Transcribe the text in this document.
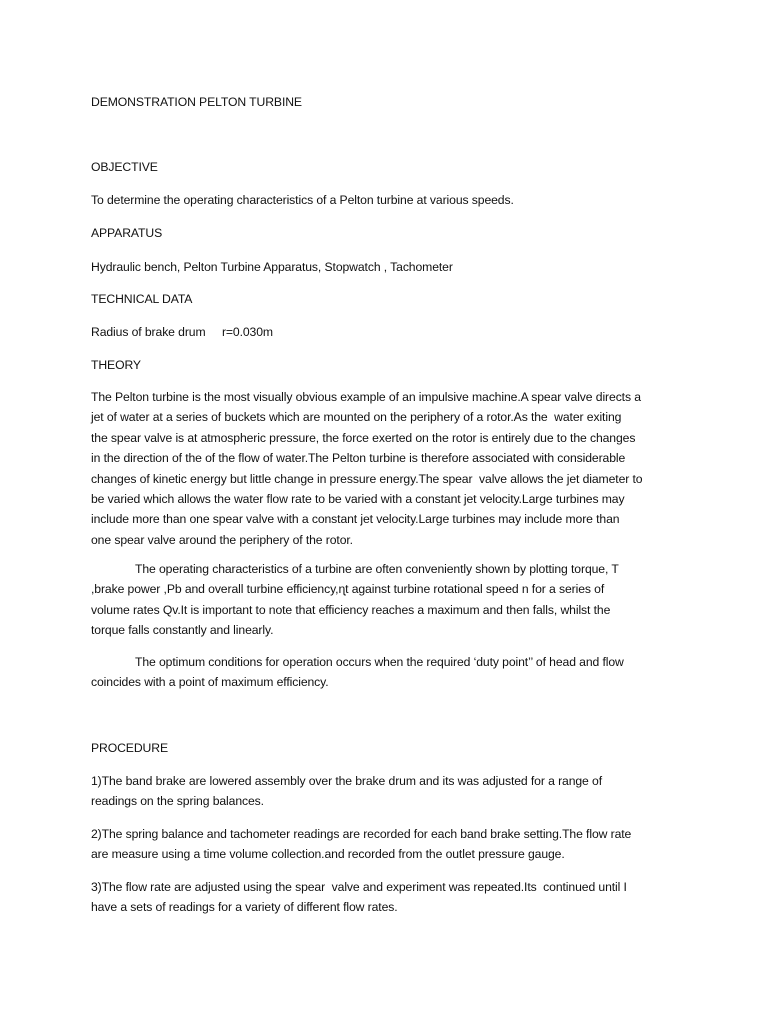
DEMONSTRATION PELTON TURBINE
OBJECTIVE
To determine the operating characteristics of a Pelton turbine at various speeds.
APPARATUS
Hydraulic bench, Pelton Turbine Apparatus, Stopwatch , Tachometer
TECHNICAL DATA
Radius of brake drum     r=0.030m
THEORY
The Pelton turbine is the most visually obvious example of an impulsive machine.A spear valve directs a
jet of water at a series of buckets which are mounted on the periphery of a rotor.As the  water exiting
the spear valve is at atmospheric pressure, the force exerted on the rotor is entirely due to the changes
in the direction of the of the flow of water.The Pelton turbine is therefore associated with considerable
changes of kinetic energy but little change in pressure energy.The spear  valve allows the jet diameter to
be varied which allows the water flow rate to be varied with a constant jet velocity.Large turbines may
include more than one spear valve with a constant jet velocity.Large turbines may include more than
one spear valve around the periphery of the rotor.
The operating characteristics of a turbine are often conveniently shown by plotting torque, T
,brake power ,Pb and overall turbine efficiency,ɳt against turbine rotational speed n for a series of
volume rates Qv.It is important to note that efficiency reaches a maximum and then falls, whilst the
torque falls constantly and linearly.
The optimum conditions for operation occurs when the required ‘duty point’’ of head and flow
coincides with a point of maximum efficiency.
PROCEDURE
1)The band brake are lowered assembly over the brake drum and its was adjusted for a range of
readings on the spring balances.
2)The spring balance and tachometer readings are recorded for each band brake setting.The flow rate
are measure using a time volume collection.and recorded from the outlet pressure gauge.
3)The flow rate are adjusted using the spear  valve and experiment was repeated.Its  continued until I
have a sets of readings for a variety of different flow rates.
